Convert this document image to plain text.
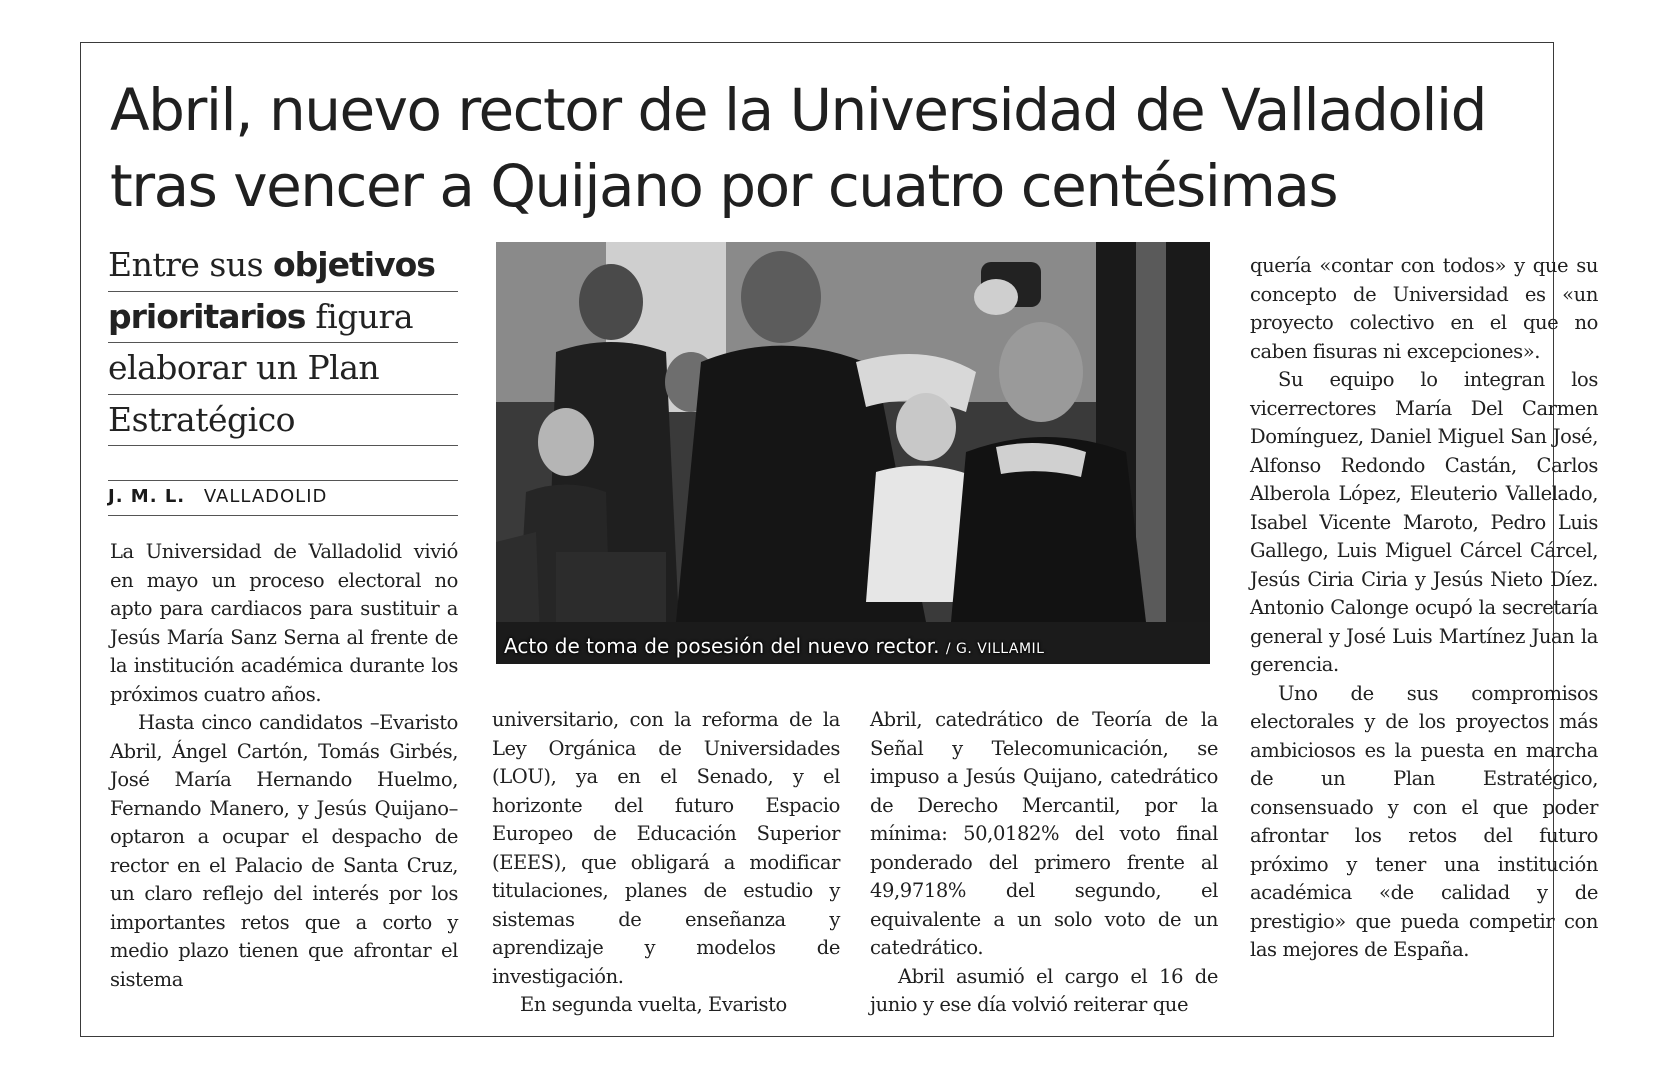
Abril, nuevo rector de la Universidad de Valladolid
tras vencer a Quijano por cuatro centésimas
Entre sus objetivos
prioritarios figura
elaborar un Plan
Estratégico
J. M. L. VALLADOLID

La Universidad de Valladolid vivió en mayo un proceso electoral no apto para cardiacos para sustituir a Jesús María Sanz Serna al frente de la institución académica durante los próximos cuatro años.

Hasta cinco candidatos –Evaristo Abril, Ángel Cartón, Tomás Girbés, José María Hernando Huelmo, Fernando Manero, y Jesús Quijano– optaron a ocupar el despacho de rector en el Palacio de Santa Cruz, un claro reflejo del interés por los importantes retos que a corto y medio plazo tienen que afrontar el sistema

Acto de toma de posesión del nuevo rector. / G. VILLAMIL

universitario, con la reforma de la Ley Orgánica de Universidades (LOU), ya en el Senado, y el horizonte del futuro Espacio Europeo de Educación Superior (EEES), que obligará a modificar titulaciones, planes de estudio y sistemas de enseñanza y aprendizaje y modelos de investigación.

En segunda vuelta, Evaristo

Abril, catedrático de Teoría de la Señal y Telecomunicación, se impuso a Jesús Quijano, catedrático de Derecho Mercantil, por la mínima: 50,0182% del voto final ponderado del primero frente al 49,9718% del segundo, el equivalente a un solo voto de un catedrático.

Abril asumió el cargo el 16 de junio y ese día volvió reiterar que

quería «contar con todos» y que su concepto de Universidad es «un proyecto colectivo en el que no caben fisuras ni excepciones».

Su equipo lo integran los vicerrectores María Del Carmen Domínguez, Daniel Miguel San José, Alfonso Redondo Castán, Carlos Alberola López, Eleuterio Vallelado, Isabel Vicente Maroto, Pedro Luis Gallego, Luis Miguel Cárcel Cárcel, Jesús Ciria Ciria y Jesús Nieto Díez. Antonio Calonge ocupó la secretaría general y José Luis Martínez Juan la gerencia.

Uno de sus compromisos electorales y de los proyectos más ambiciosos es la puesta en marcha de un Plan Estratégico, consensuado y con el que poder afrontar los retos del futuro próximo y tener una institución académica «de calidad y de prestigio» que pueda competir con las mejores de España.
